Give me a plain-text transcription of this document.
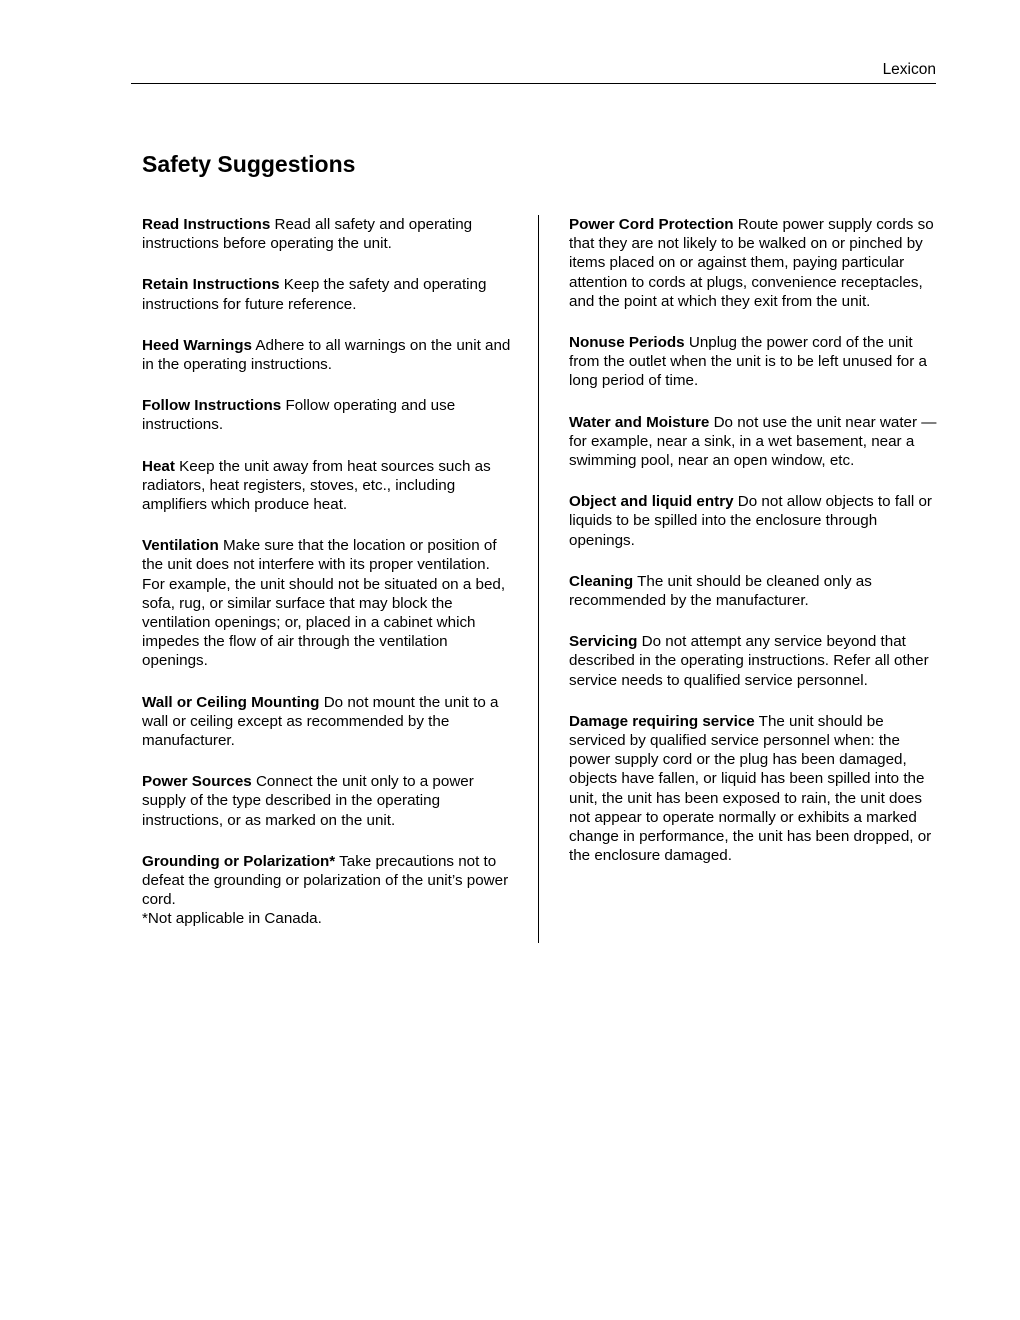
Lexicon
Safety Suggestions

Read Instructions Read all safety and operating instructions before operating the unit.

Retain Instructions Keep the safety and operating instructions for future reference.

Heed Warnings Adhere to all warnings on the unit and in the operating instructions.

Follow Instructions Follow operating and use instructions.

Heat Keep the unit away from heat sources such as radiators, heat registers, stoves, etc., including amplifiers which produce heat.

Ventilation Make sure that the location or position of the unit does not interfere with its proper ventilation. For example, the unit should not be situated on a bed, sofa, rug, or similar surface that may block the ventilation openings; or, placed in a cabinet which impedes the flow of air through the ventilation openings.

Wall or Ceiling Mounting Do not mount the unit to a wall or ceiling except as recommended by the manufacturer.

Power Sources Connect the unit only to a power supply of the type described in the operating instructions, or as marked on the unit.

Grounding or Polarization* Take precautions not to defeat the grounding or polarization of the unit’s power cord.
*Not applicable in Canada.

Power Cord Protection Route power supply cords so that they are not likely to be walked on or pinched by items placed on or against them, paying particular attention to cords at plugs, convenience receptacles, and the point at which they exit from the unit.

Nonuse Periods Unplug the power cord of the unit from the outlet when the unit is to be left unused for a long period of time.

Water and Moisture Do not use the unit near water — for example, near a sink, in a wet basement, near a swimming pool, near an open window, etc.

Object and liquid entry Do not allow objects to fall or liquids to be spilled into the enclosure through openings.

Cleaning The unit should be cleaned only as recommended by the manufacturer.

Servicing Do not attempt any service beyond that described in the operating instructions. Refer all other service needs to qualified service personnel.

Damage requiring service The unit should be serviced by qualified service personnel when: the power supply cord or the plug has been damaged, objects have fallen, or liquid has been spilled into the unit, the unit has been exposed to rain, the unit does not appear to operate normally or exhibits a marked change in performance, the unit has been dropped, or the enclosure damaged.
